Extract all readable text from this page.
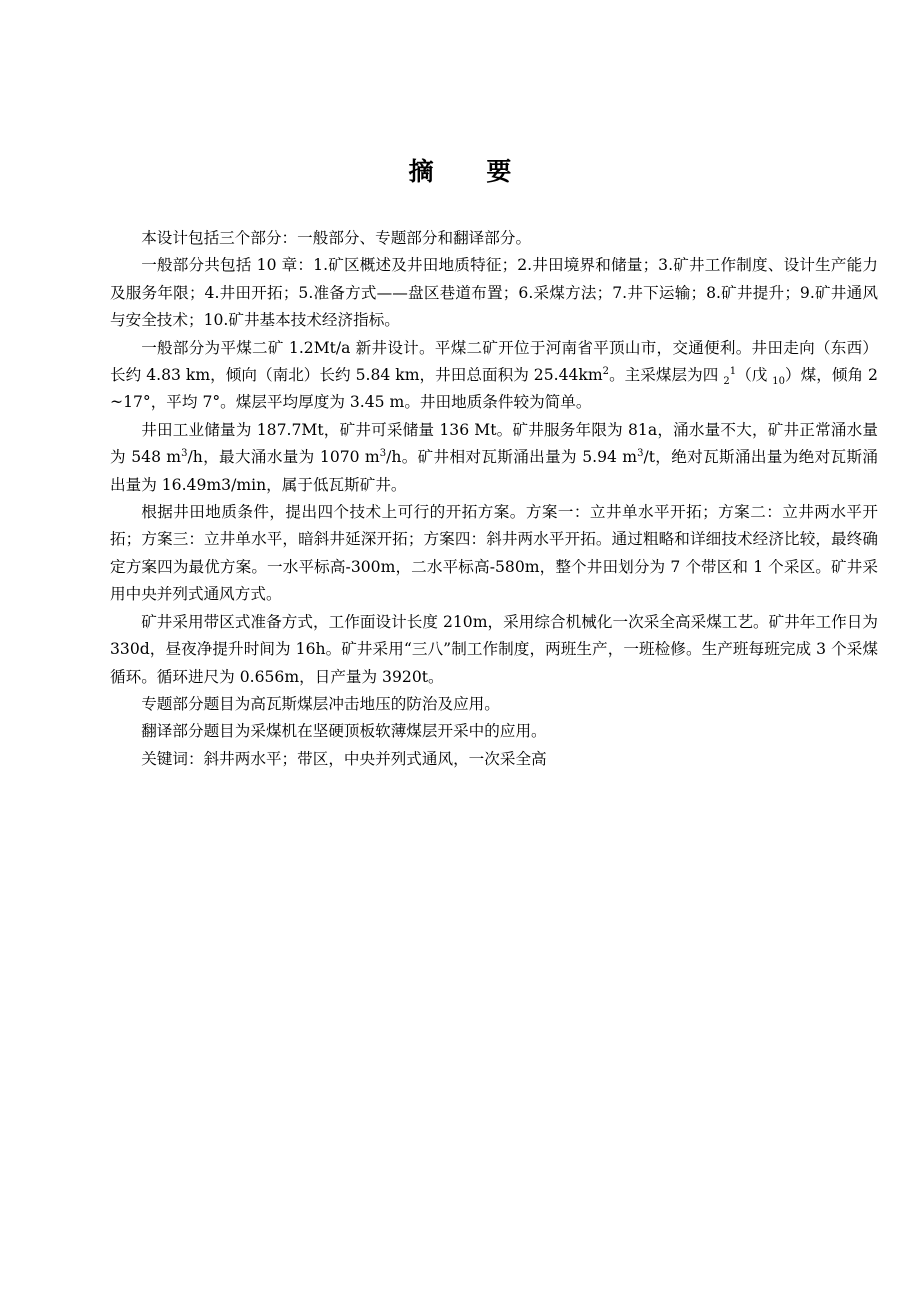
摘 要

本设计包括三个部分：一般部分、专题部分和翻译部分。

一般部分共包括 10 章：1.矿区概述及井田地质特征；2.井田境界和储量；3.矿井工作制度、设计生产能力及服务年限；4.井田开拓；5.准备方式——盘区巷道布置；6.采煤方法；7.井下运输；8.矿井提升；9.矿井通风与安全技术；10.矿井基本技术经济指标。

一般部分为平煤二矿 1.2Mt/a 新井设计。平煤二矿开位于河南省平顶山市，交通便利。井田走向（东西）长约 4.83 km，倾向（南北）长约 5.84 km，井田总面积为 $25.44km^2$。主采煤层为四 $_2^1$（戊 $_{10}$）煤，倾角 2~17°，平均 7°。煤层平均厚度为 3.45 m。井田地质条件较为简单。

井田工业储量为 187.7Mt，矿井可采储量 136 Mt。矿井服务年限为 81a，涌水量不大，矿井正常涌水量为 548 $m^3/h$，最大涌水量为 1070 $m^3/h$。矿井相对瓦斯涌出量为 5.94 $m^3/t$，绝对瓦斯涌出量为绝对瓦斯涌出量为 16.49m3/min，属于低瓦斯矿井。

根据井田地质条件，提出四个技术上可行的开拓方案。方案一：立井单水平开拓；方案二：立井两水平开拓；方案三：立井单水平，暗斜井延深开拓；方案四：斜井两水平开拓。通过粗略和详细技术经济比较，最终确定方案四为最优方案。一水平标高-300m，二水平标高-580m，整个井田划分为 7 个带区和 1 个采区。矿井采用中央并列式通风方式。

矿井采用带区式准备方式，工作面设计长度 210m，采用综合机械化一次采全高采煤工艺。矿井年工作日为 330d，昼夜净提升时间为 16h。矿井采用“三八”制工作制度，两班生产，一班检修。生产班每班完成 3 个采煤循环。循环进尺为 0.656m，日产量为 3920t。

专题部分题目为高瓦斯煤层冲击地压的防治及应用。

翻译部分题目为采煤机在坚硬顶板软薄煤层开采中的应用。

关键词：斜井两水平；带区，中央并列式通风，一次采全高
